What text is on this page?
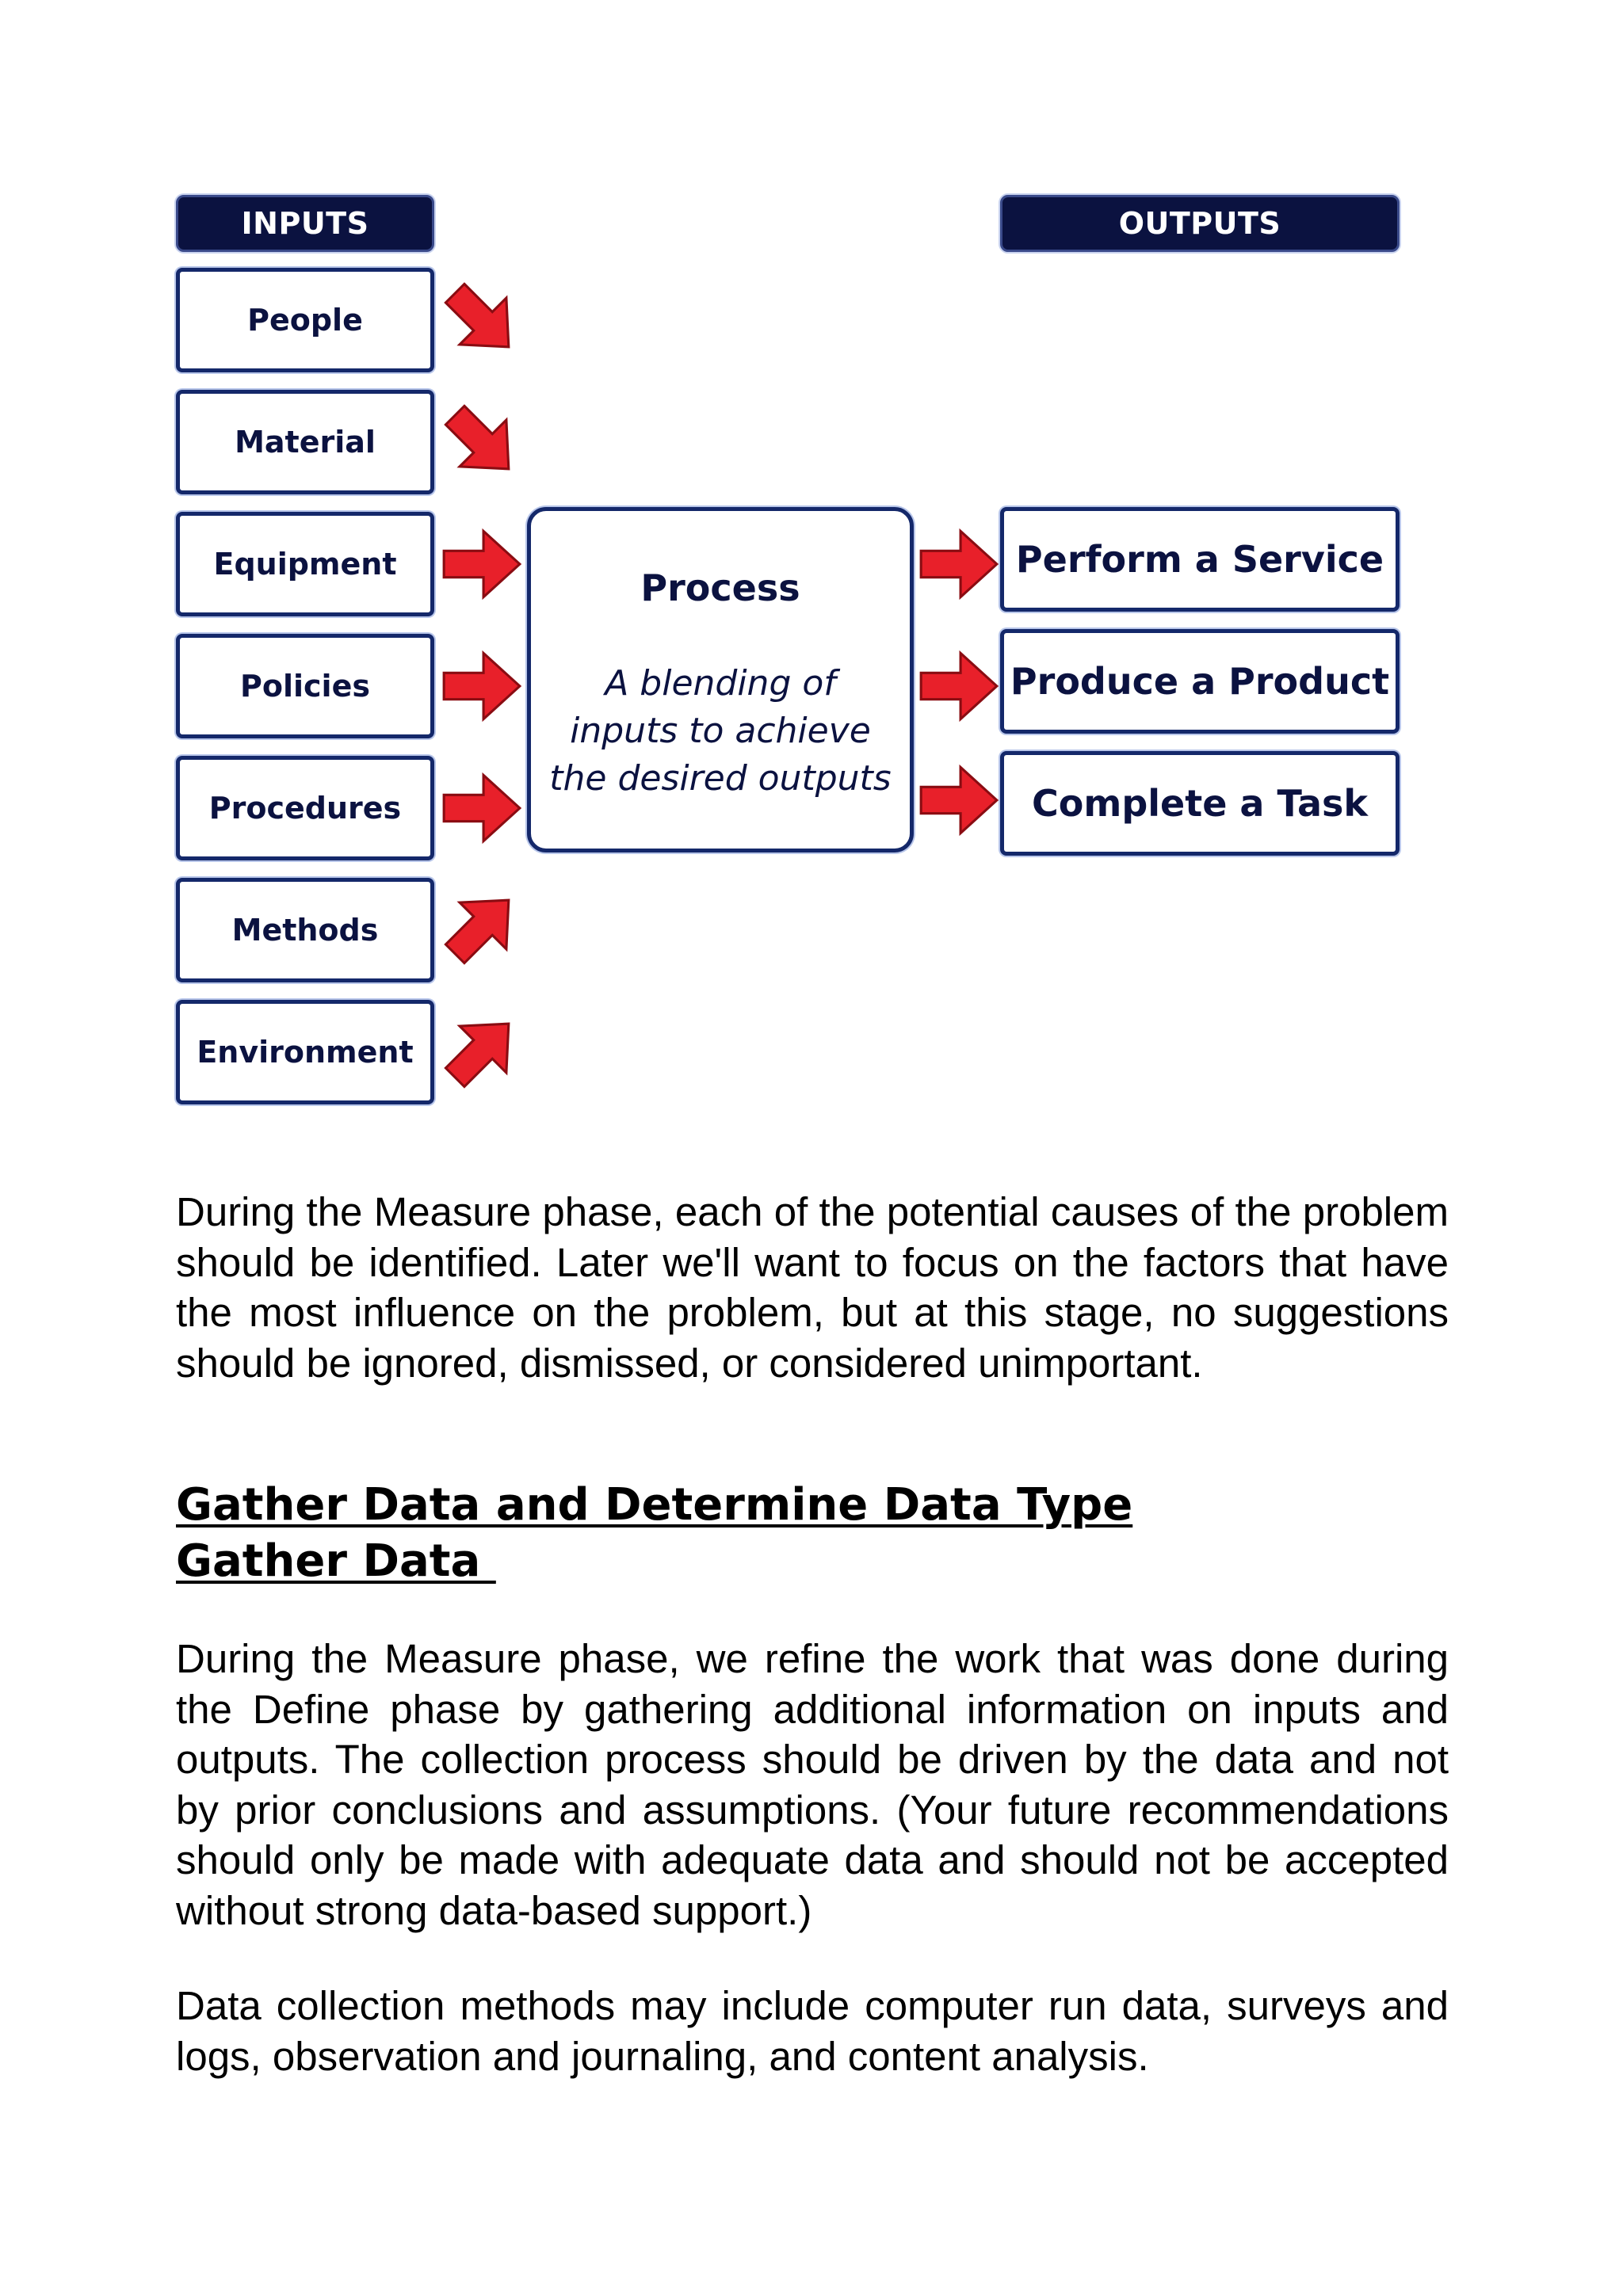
INPUTS	OUTPUTS
People
Material
Equipment
Policies
Procedures
Methods
Environment
Process
A blending of
inputs to achieve
the desired outputs
Perform a Service
Produce a Product
Complete a Task

During the Measure phase, each of the potential causes of the problem should be identified. Later we'll want to focus on the factors that have the most influence on the problem, but at this stage, no suggestions should be ignored, dismissed, or considered unimportant.

Gather Data and Determine Data Type
Gather Data

During the Measure phase, we refine the work that was done during the Define phase by gathering additional information on inputs and outputs. The collection process should be driven by the data and not by prior conclusions and assumptions. (Your future recommendations should only be made with adequate data and should not be accepted without strong data-based support.)

Data collection methods may include computer run data, surveys and logs, observation and journaling, and content analysis.
